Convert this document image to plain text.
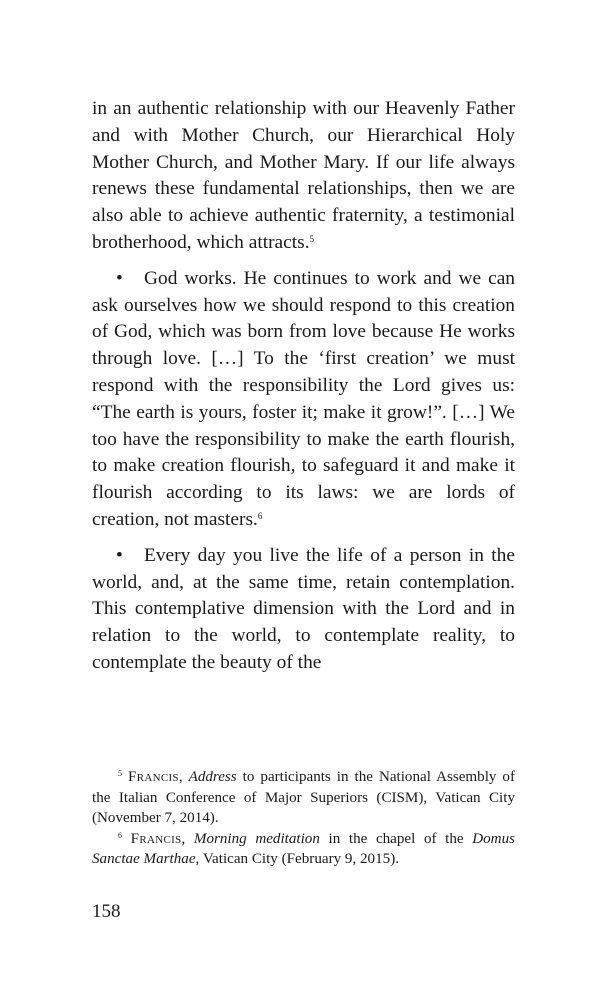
in an authentic relationship with our Heavenly Father and with Mother Church, our Hierarchical Holy Mother Church, and Mother Mary. If our life always renews these fundamental relationships, then we are also able to achieve authentic fraternity, a testimonial brotherhood, which attracts.$^5$

• God works. He continues to work and we can ask ourselves how we should respond to this creation of God, which was born from love because He works through love. […] To the ‘first creation’ we must respond with the responsibility the Lord gives us: “The earth is yours, foster it; make it grow!”. […] We too have the responsibility to make the earth flourish, to make creation flourish, to safeguard it and make it flourish according to its laws: we are lords of creation, not masters.$^6$

• Every day you live the life of a person in the world, and, at the same time, retain contemplation. This contemplative dimension with the Lord and in relation to the world, to contemplate reality, to contemplate the beauty of the

$^5$ Francis, Address to participants in the National Assembly of the Italian Conference of Major Superiors (CISM), Vatican City (November 7, 2014).

$^6$ Francis, Morning meditation in the chapel of the Domus Sanctae Marthae, Vatican City (February 9, 2015).

158
